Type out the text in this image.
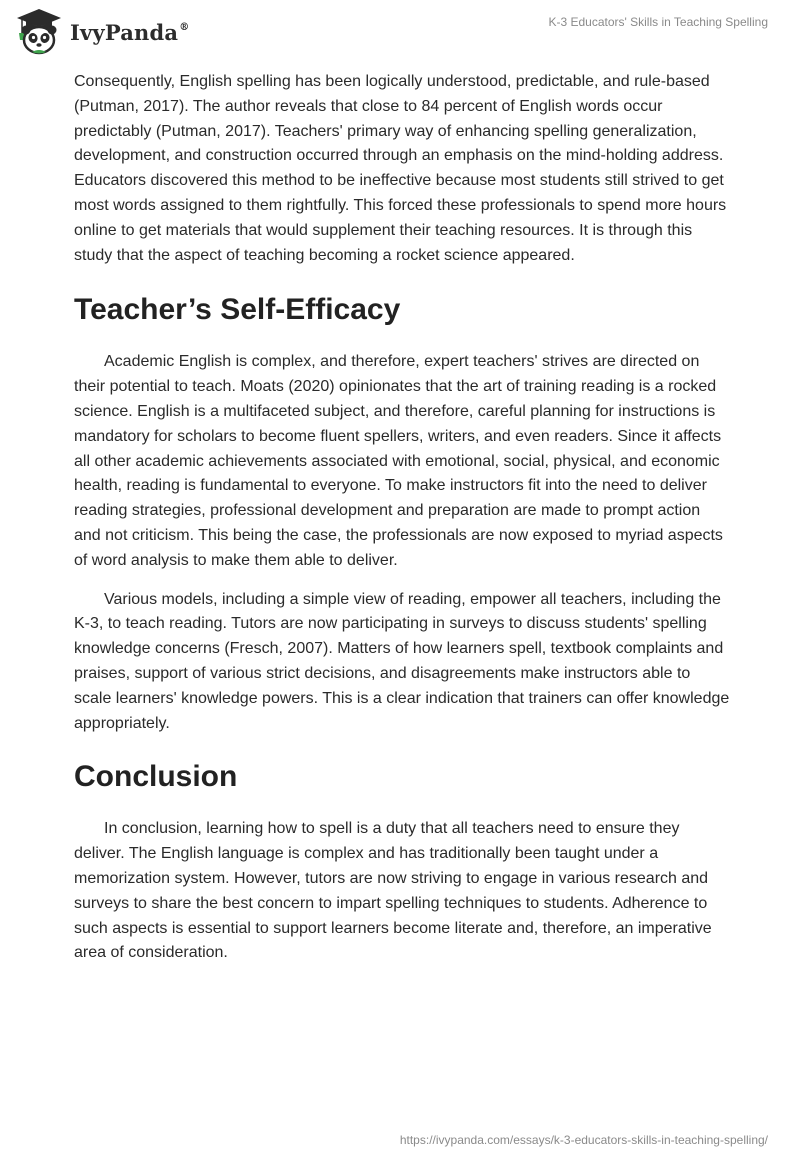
IvyPanda®	K-3 Educators' Skills in Teaching Spelling

Consequently, English spelling has been logically understood, predictable, and rule-based (Putman, 2017). The author reveals that close to 84 percent of English words occur predictably (Putman, 2017). Teachers' primary way of enhancing spelling generalization, development, and construction occurred through an emphasis on the mind-holding address. Educators discovered this method to be ineffective because most students still strived to get most words assigned to them rightfully. This forced these professionals to spend more hours online to get materials that would supplement their teaching resources. It is through this study that the aspect of teaching becoming a rocket science appeared.

Teacher’s Self-Efficacy

Academic English is complex, and therefore, expert teachers' strives are directed on their potential to teach. Moats (2020) opinionates that the art of training reading is a rocked science. English is a multifaceted subject, and therefore, careful planning for instructions is mandatory for scholars to become fluent spellers, writers, and even readers. Since it affects all other academic achievements associated with emotional, social, physical, and economic health, reading is fundamental to everyone. To make instructors fit into the need to deliver reading strategies, professional development and preparation are made to prompt action and not criticism. This being the case, the professionals are now exposed to myriad aspects of word analysis to make them able to deliver.

Various models, including a simple view of reading, empower all teachers, including the K-3, to teach reading. Tutors are now participating in surveys to discuss students' spelling knowledge concerns (Fresch, 2007). Matters of how learners spell, textbook complaints and praises, support of various strict decisions, and disagreements make instructors able to scale learners' knowledge powers. This is a clear indication that trainers can offer knowledge appropriately.

Conclusion

In conclusion, learning how to spell is a duty that all teachers need to ensure they deliver. The English language is complex and has traditionally been taught under a memorization system. However, tutors are now striving to engage in various research and surveys to share the best concern to impart spelling techniques to students. Adherence to such aspects is essential to support learners become literate and, therefore, an imperative area of consideration.

https://ivypanda.com/essays/k-3-educators-skills-in-teaching-spelling/
